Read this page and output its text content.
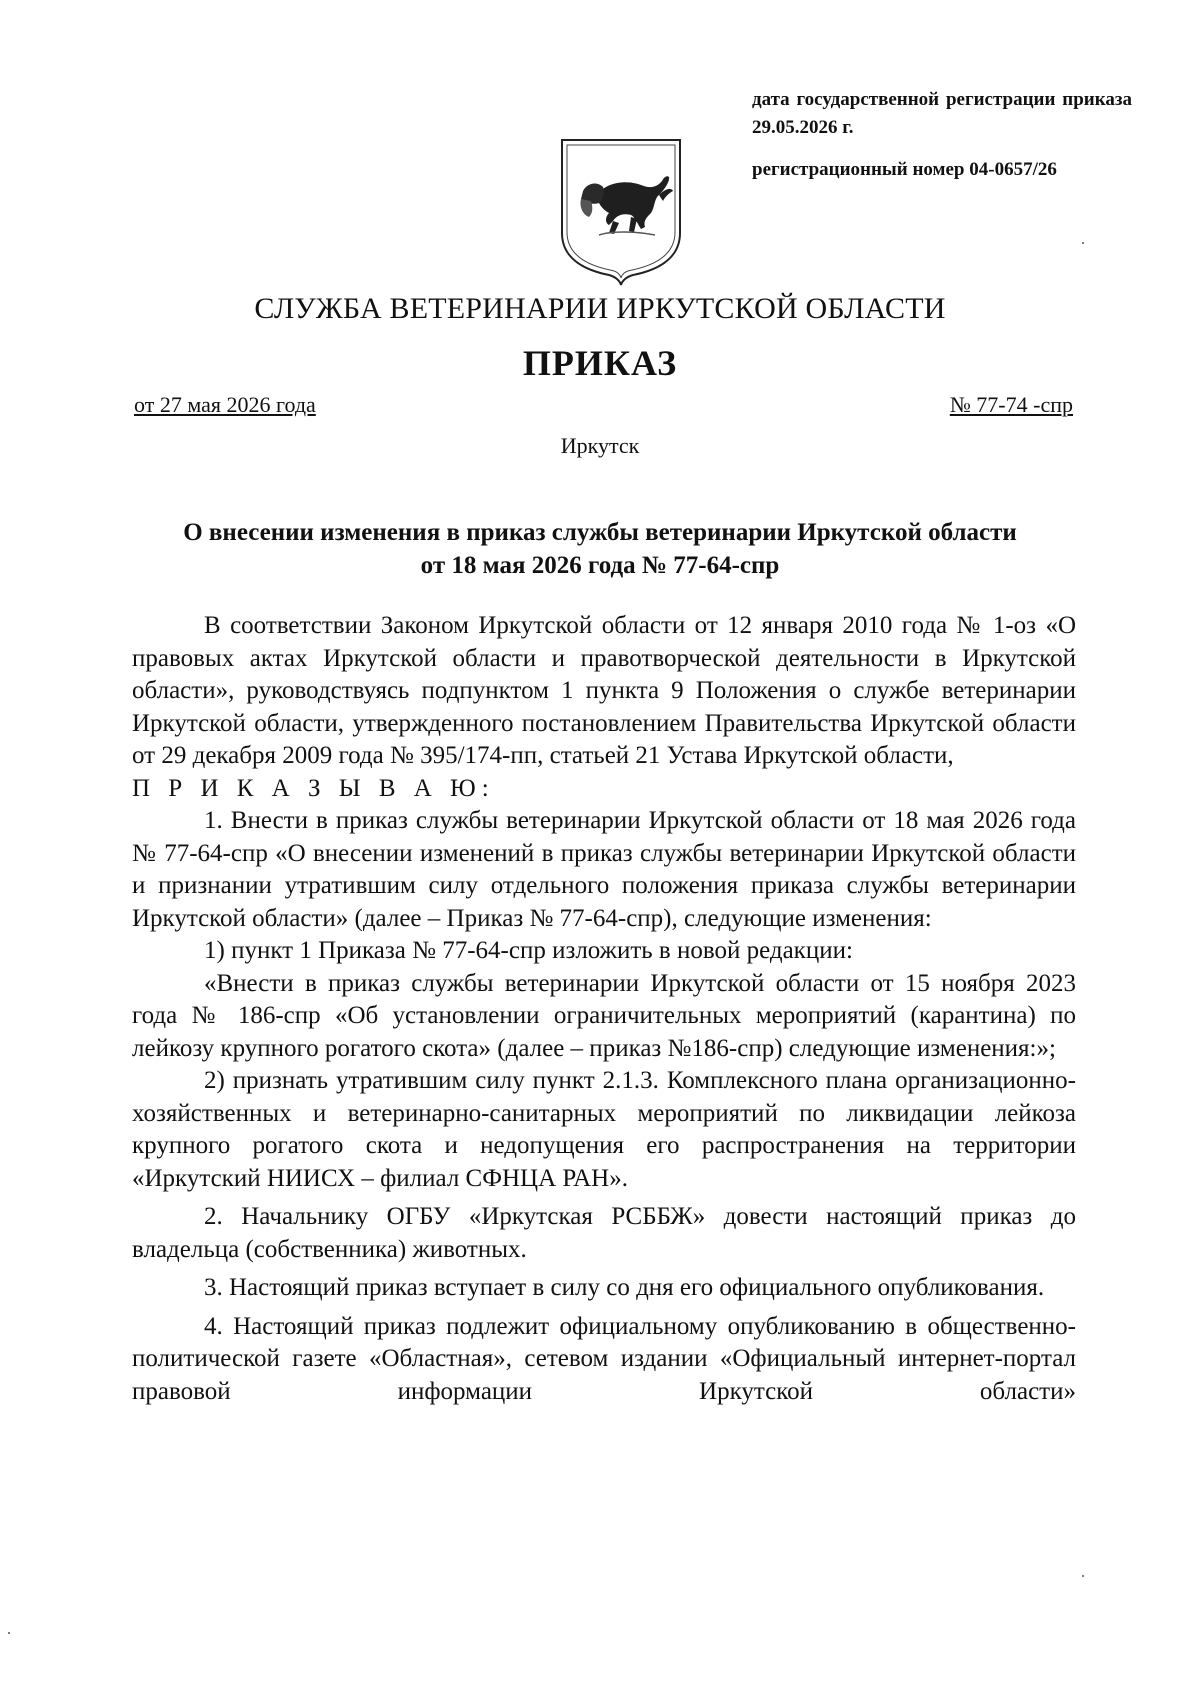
дата государственной регистрации приказа 29.05.2026 г.

регистрационный номер 04-0657/26

СЛУЖБА ВЕТЕРИНАРИИ ИРКУТСКОЙ ОБЛАСТИ
ПРИКАЗ
от 27 мая 2026 года	№ 77-74 -спр
Иркутск
О внесении изменения в приказ службы ветеринарии Иркутской области
от 18 мая 2026 года № 77-64-спр

В соответствии Законом Иркутской области от 12 января 2010 года № 1-оз «О правовых актах Иркутской области и правотворческой деятельности в Иркутской области», руководствуясь подпунктом 1 пункта 9 Положения о службе ветеринарии Иркутской области, утвержденного постановлением Правительства Иркутской области от 29 декабря 2009 года № 395/174-пп, статьей 21 Устава Иркутской области,

П Р И К А З Ы В А Ю:

1. Внести в приказ службы ветеринарии Иркутской области от 18 мая 2026 года № 77-64-спр «О внесении изменений в приказ службы ветеринарии Иркутской области и признании утратившим силу отдельного положения приказа службы ветеринарии Иркутской области» (далее – Приказ № 77-64-спр), следующие изменения:

1) пункт 1 Приказа № 77-64-спр изложить в новой редакции:

«Внести в приказ службы ветеринарии Иркутской области от 15 ноября 2023 года № 186-спр «Об установлении ограничительных мероприятий (карантина) по лейкозу крупного рогатого скота» (далее – приказ №186-спр) следующие изменения:»;

2) признать утратившим силу пункт 2.1.3. Комплексного плана организационно-хозяйственных и ветеринарно-санитарных мероприятий по ликвидации лейкоза крупного рогатого скота и недопущения его распространения на территории «Иркутский НИИСХ – филиал СФНЦА РАН».

2. Начальнику ОГБУ «Иркутская РСББЖ» довести настоящий приказ до владельца (собственника) животных.

3. Настоящий приказ вступает в силу со дня его официального опубликования.

4. Настоящий приказ подлежит официальному опубликованию в общественно-политической газете «Областная», сетевом издании «Официальный интернет-портал правовой информации Иркутской области»
